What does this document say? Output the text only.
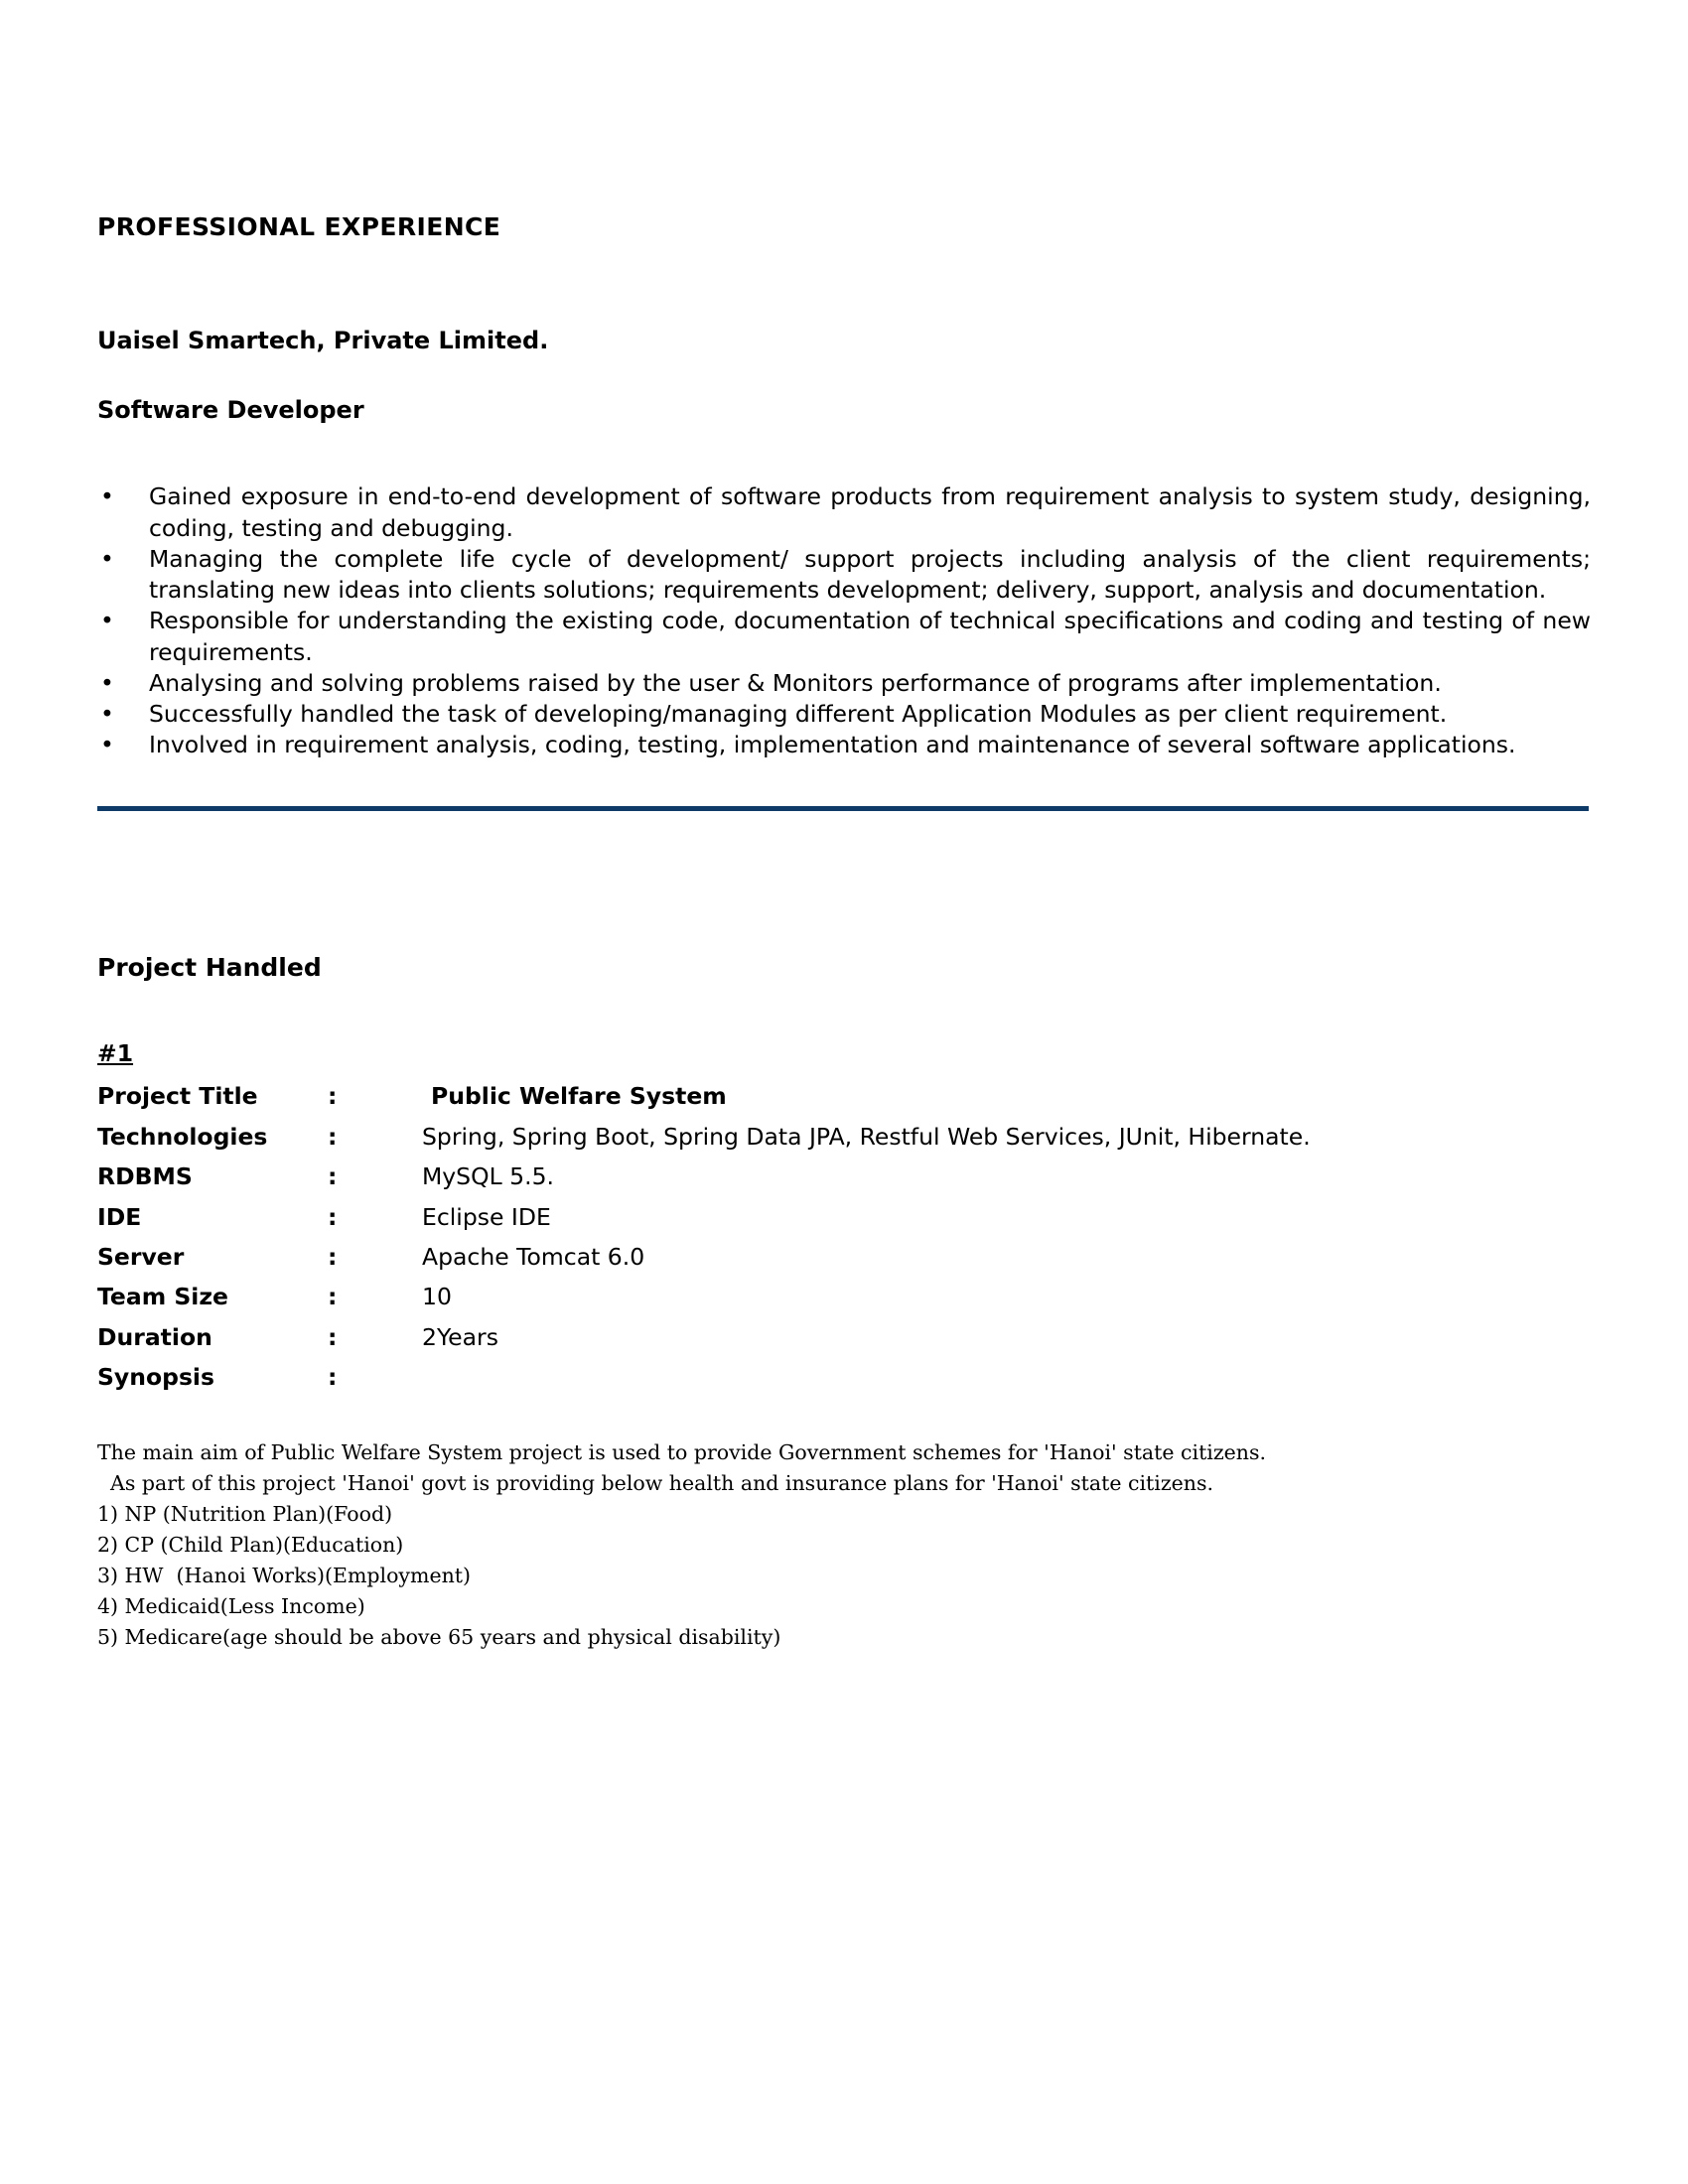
PROFESSIONAL EXPERIENCE
Uaisel Smartech, Private Limited.
Software Developer
• Gained exposure in end-to-end development of software products from requirement analysis to system study, designing, coding, testing and debugging.
• Managing the complete life cycle of development/ support projects including analysis of the client requirements; translating new ideas into clients solutions; requirements development; delivery, support, analysis and documentation.
• Responsible for understanding the existing code, documentation of technical specifications and coding and testing of new requirements.
• Analysing and solving problems raised by the user & Monitors performance of programs after implementation.
• Successfully handled the task of developing/managing different Application Modules as per client requirement.
• Involved in requirement analysis, coding, testing, implementation and maintenance of several software applications.
Project Handled
#1
Project Title	:	Public Welfare System
Technologies	:	Spring, Spring Boot, Spring Data JPA, Restful Web Services, JUnit, Hibernate.
RDBMS	:	MySQL 5.5.
IDE	:	Eclipse IDE
Server	:	Apache Tomcat 6.0
Team Size	:	10
Duration	:	2Years
Synopsis	:	

The main aim of Public Welfare System project is used to provide Government schemes for 'Hanoi' state citizens.

As part of this project 'Hanoi' govt is providing below health and insurance plans for 'Hanoi' state citizens.

1) NP (Nutrition Plan)(Food)
2) CP (Child Plan)(Education)
3) HW  (Hanoi Works)(Employment)
4) Medicaid(Less Income)
5) Medicare(age should be above 65 years and physical disability)
